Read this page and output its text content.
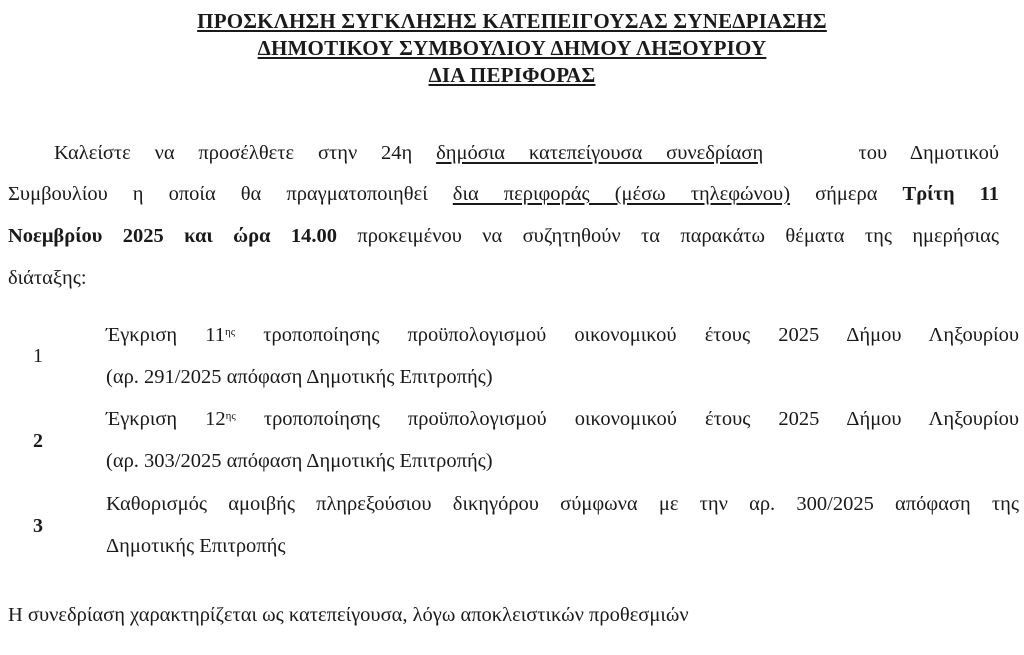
ΠΡΟΣΚΛΗΣΗ ΣΥΓΚΛΗΣΗΣ ΚΑΤΕΠΕΙΓΟΥΣΑΣ ΣΥΝΕΔΡΙΑΣΗΣ
ΔΗΜΟΤΙΚΟΥ ΣΥΜΒΟΥΛΙΟΥ ΔΗΜΟΥ ΛΗΞΟΥΡΙΟΥ
ΔΙΑ ΠΕΡΙΦΟΡΑΣ
Καλείστε να προσέλθετε στην 24η δημόσια κατεπείγουσα συνεδρίαση	του Δημοτικού
Συμβουλίου η οποία θα πραγματοποιηθεί δια περιφοράς (μέσω τηλεφώνου) σήμερα Τρίτη 11
Νοεμβρίου 2025 και ώρα 14.00 προκειμένου να συζητηθούν τα παρακάτω θέματα της ημερήσιας
διάταξης:
1
Έγκριση $11^{\eta\varsigma}$ τροποποίησης προϋπολογισμού οικονομικού έτους 2025 Δήμου Ληξουρίου
(αρ. 291/2025 απόφαση Δημοτικής Επιτροπής)
2
Έγκριση $12^{\eta\varsigma}$ τροποποίησης προϋπολογισμού οικονομικού έτους 2025 Δήμου Ληξουρίου
(αρ. 303/2025 απόφαση Δημοτικής Επιτροπής)
3
Καθορισμός αμοιβής πληρεξούσιου δικηγόρου σύμφωνα με την αρ. 300/2025 απόφαση της
Δημοτικής Επιτροπής
Η συνεδρίαση χαρακτηρίζεται ως κατεπείγουσα, λόγω αποκλειστικών προθεσμιών
